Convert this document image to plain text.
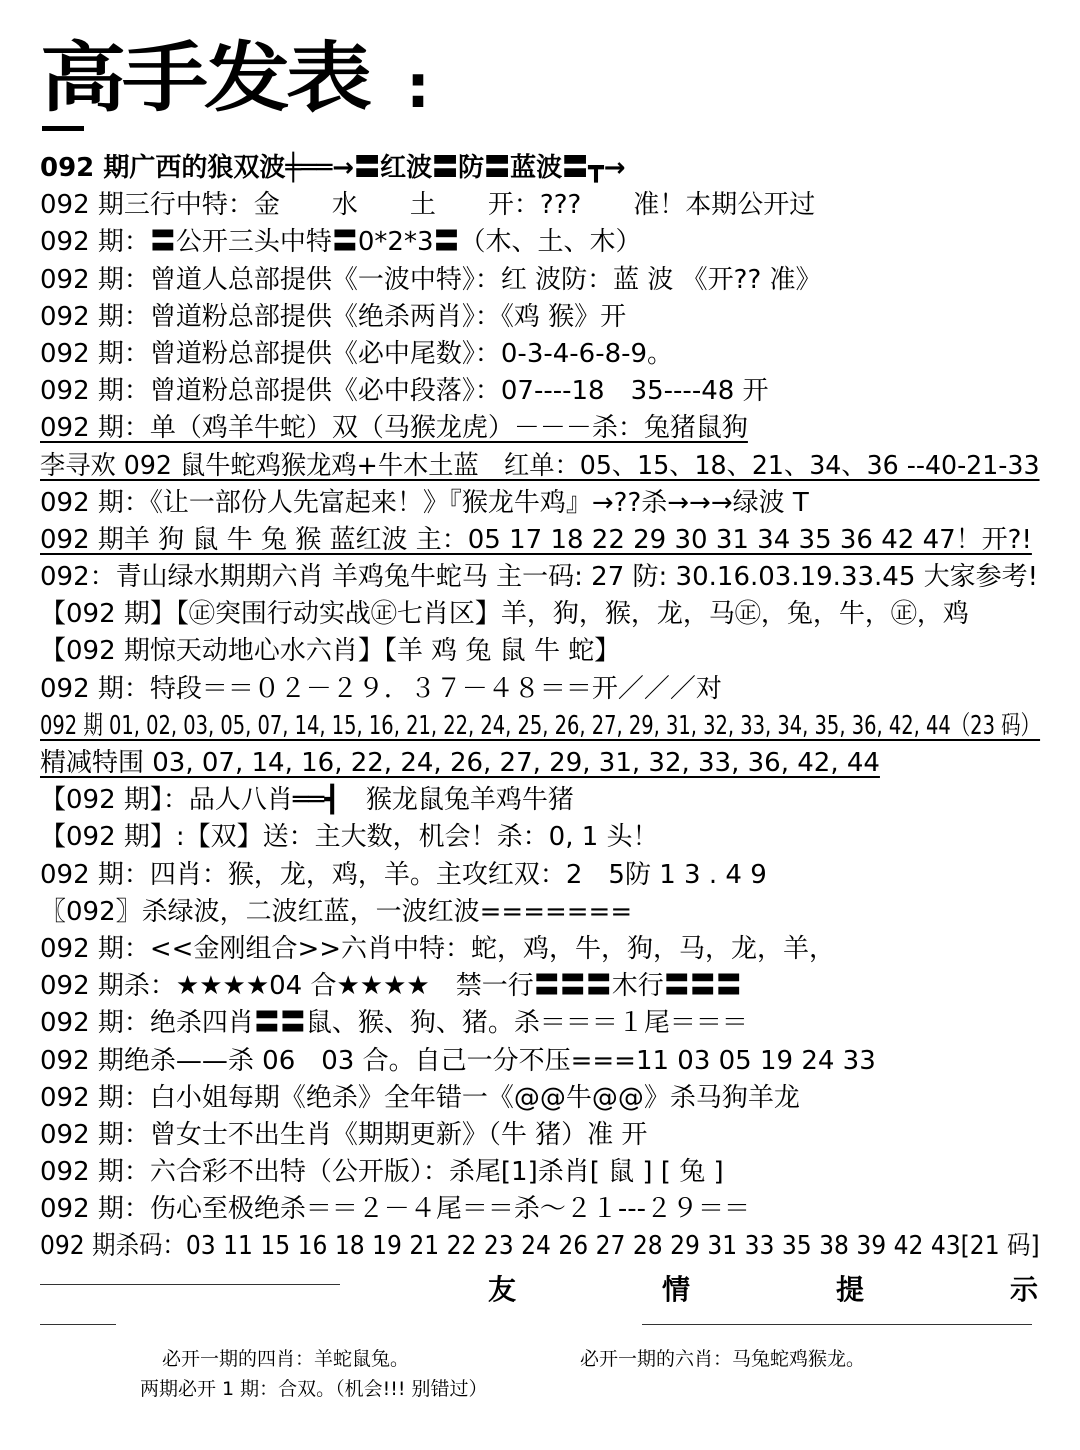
高手发表 :
092 期广西的狼双波╪══→〓红波〓防〓蓝波〓┳→
092 期三行中特：金　　水　　土　　开：???　　准！本期公开过
092 期：〓公开三头中特〓0*2*3〓（木、土、木）
092 期：曾道人总部提供《一波中特》：红 波防：蓝 波 《开?? 准》
092 期：曾道粉总部提供《绝杀两肖》：《鸡 猴》开
092 期：曾道粉总部提供《必中尾数》：0-3-4-6-8-9。
092 期：曾道粉总部提供《必中段落》：07----18　35----48 开
092 期：单（鸡羊牛蛇）双（马猴龙虎）－－－杀：兔猪鼠狗
李寻欢 092 鼠牛蛇鸡猴龙鸡+牛木土蓝　红单：05、15、18、21、34、36 --40-21-33
092 期：《让一部份人先富起来！》『猴龙牛鸡』→??杀→→→绿波 T
092 期羊 狗 鼠 牛 兔 猴 蓝红波 主：05 17 18 22 29 30 31 34 35 36 42 47！开?!
092：青山绿水期期六肖 羊鸡兔牛蛇马 主一码: 27 防: 30.16.03.19.33.45 大家参考!
【092 期】【㊣突围行动实战㊣七肖区】羊，狗，猴，龙，马㊣，兔，牛，㊣，鸡
【092 期惊天动地心水六肖】【羊 鸡 兔 鼠 牛 蛇】
092 期：特段＝＝０２－２９．３７－４８＝＝开／／／对
092 期 01, 02, 03, 05, 07, 14, 15, 16, 21, 22, 24, 25, 26, 27, 29, 31, 32, 33, 34, 35, 36, 42, 44（23 码）
精减特围 03, 07, 14, 16, 22, 24, 26, 27, 29, 31, 32, 33, 36, 42, 44
【092 期】：品人八肖══┫　猴龙鼠兔羊鸡牛猪
【092 期】:【双】送：主大数，机会！杀：0, 1 头！
092 期：四肖：猴，龙，鸡，羊。主攻红双：2　5防 1 3 . 4 9
〖092〗杀绿波，二波红蓝，一波红波=======
092 期：<<金刚组合>>六肖中特：蛇，鸡，牛，狗，马，龙，羊，
092 期杀：★★★★04 合★★★★　禁一行〓〓〓木行〓〓〓
092 期：绝杀四肖〓〓鼠、猴、狗、猪。杀＝＝＝１尾＝＝＝
092 期绝杀——杀 06　03 合。自己一分不压===11 03 05 19 24 33
092 期：白小姐每期《绝杀》全年错一《@@牛@@》杀马狗羊龙
092 期：曾女士不出生肖《期期更新》（牛 猪）准 开
092 期：六合彩不出特（公开版）：杀尾[1]杀肖[ 鼠 ] [ 兔 ]
092 期：伤心至极绝杀＝＝２－４尾＝＝杀～２１---２９＝＝
092 期杀码：03 11 15 16 18 19 21 22 23 24 26 27 28 29 31 33 35 38 39 42 43[21 码]
友	情	提	示
必开一期的四肖：羊蛇鼠兔。	必开一期的六肖：马兔蛇鸡猴龙。
两期必开 1 期：合双。（机会!!! 别错过）
